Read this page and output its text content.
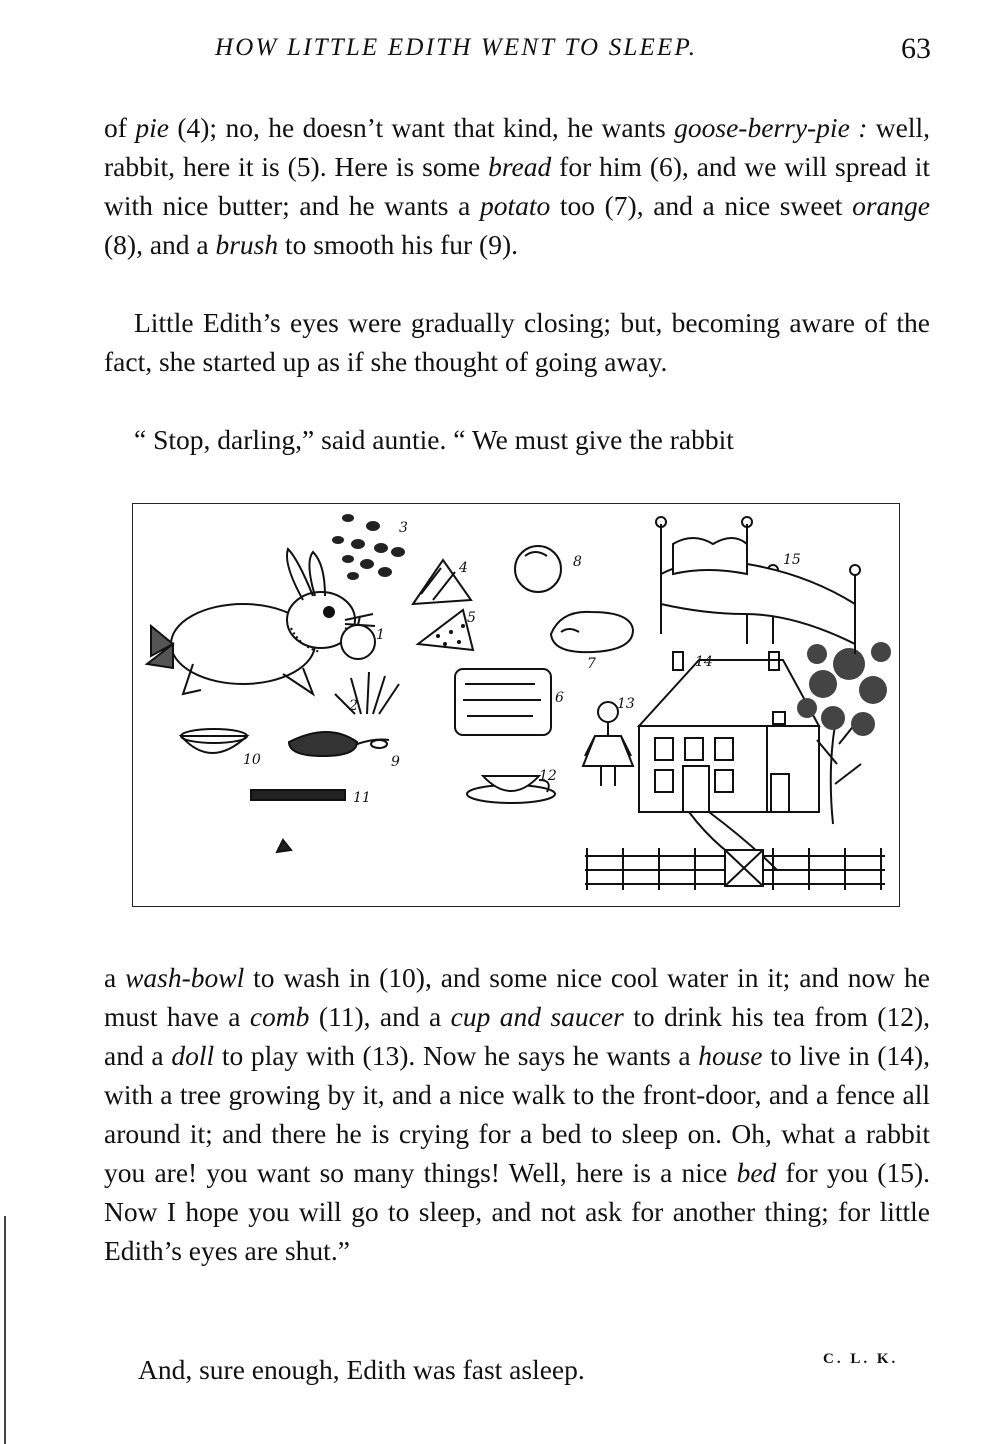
HOW LITTLE EDITH WENT TO SLEEP.	63

of pie (4); no, he doesn’t want that kind, he wants goose-berry-pie : well, rabbit, here it is (5). Here is some bread for him (6), and we will spread it with nice butter; and he wants a potato too (7), and a nice sweet orange (8), and a brush to smooth his fur (9).

Little Edith’s eyes were gradually closing; but, becoming aware of the fact, she started up as if she thought of going away.

“ Stop, darling,” said auntie. “ We must give the rabbit

1
2
3
4
5
6
7
8
9
10
11
12
13
14
15

a wash-bowl to wash in (10), and some nice cool water in it; and now he must have a comb (11), and a cup and saucer to drink his tea from (12), and a doll to play with (13). Now he says he wants a house to live in (14), with a tree growing by it, and a nice walk to the front-door, and a fence all around it; and there he is crying for a bed to sleep on. Oh, what a rabbit you are! you want so many things! Well, here is a nice bed for you (15). Now I hope you will go to sleep, and not ask for another thing; for little Edith’s eyes are shut.”

And, sure enough, Edith was fast asleep.	C. L. K.
